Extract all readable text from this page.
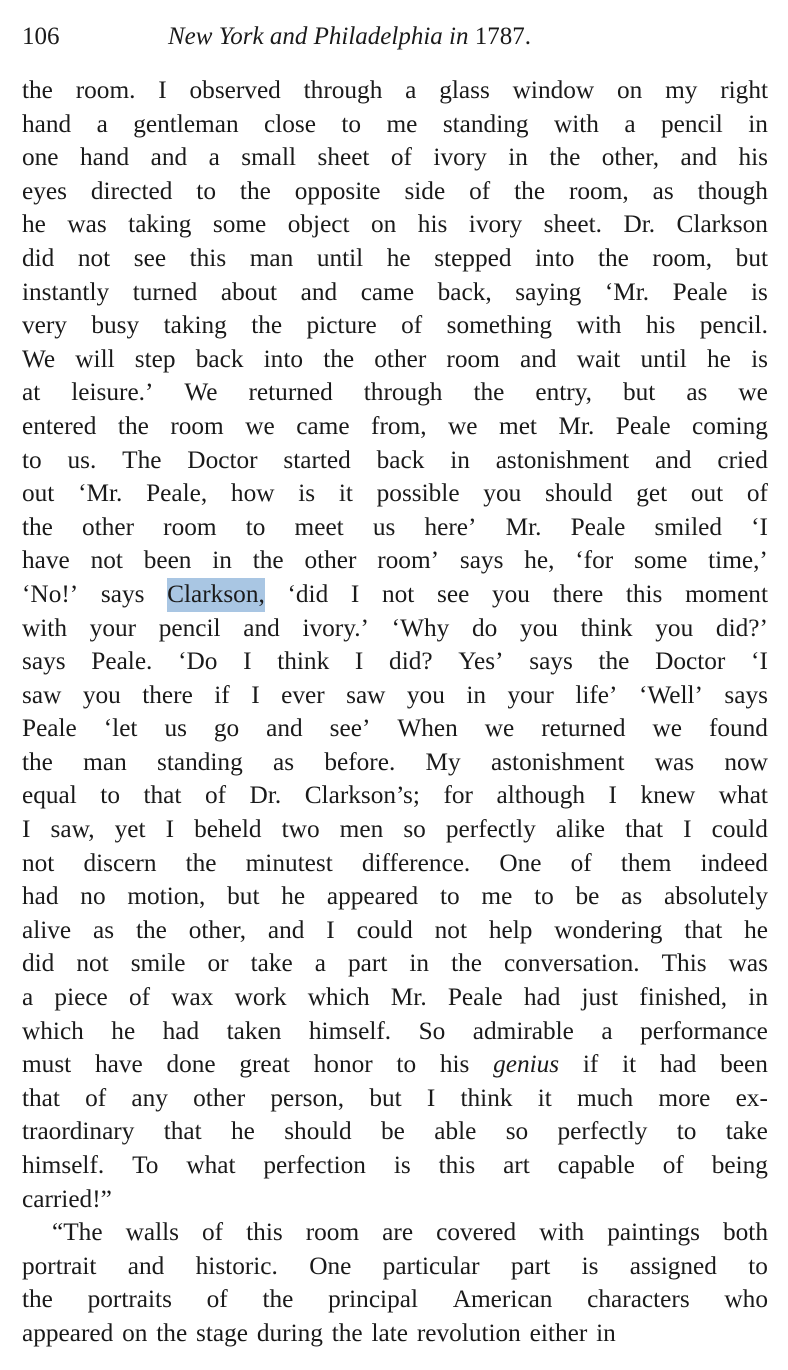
106	New York and Philadelphia in 1787.
the room. I observed through a glass window on my right
hand a gentleman close to me standing with a pencil in
one hand and a small sheet of ivory in the other, and his
eyes directed to the opposite side of the room, as though
he was taking some object on his ivory sheet. Dr. Clarkson
did not see this man until he stepped into the room, but
instantly turned about and came back, saying ‘Mr. Peale is
very busy taking the picture of something with his pencil.
We will step back into the other room and wait until he is
at leisure.’ We returned through the entry, but as we
entered the room we came from, we met Mr. Peale coming
to us. The Doctor started back in astonishment and cried
out ‘Mr. Peale, how is it possible you should get out of
the other room to meet us here’ Mr. Peale smiled ‘I
have not been in the other room’ says he, ‘for some time,’
‘No!’ says Clarkson, ‘did I not see you there this moment
with your pencil and ivory.’ ‘Why do you think you did?’
says Peale. ‘Do I think I did? Yes’ says the Doctor ‘I
saw you there if I ever saw you in your life’ ‘Well’ says
Peale ‘let us go and see’ When we returned we found
the man standing as before. My astonishment was now
equal to that of Dr. Clarkson’s; for although I knew what
I saw, yet I beheld two men so perfectly alike that I could
not discern the minutest difference. One of them indeed
had no motion, but he appeared to me to be as absolutely
alive as the other, and I could not help wondering that he
did not smile or take a part in the conversation. This was
a piece of wax work which Mr. Peale had just finished, in
which he had taken himself. So admirable a performance
must have done great honor to his genius if it had been
that of any other person, but I think it much more ex-
traordinary that he should be able so perfectly to take
himself. To what perfection is this art capable of being
carried!”
“The walls of this room are covered with paintings both
portrait and historic. One particular part is assigned to
the portraits of the principal American characters who
appeared on the stage during the late revolution either in
